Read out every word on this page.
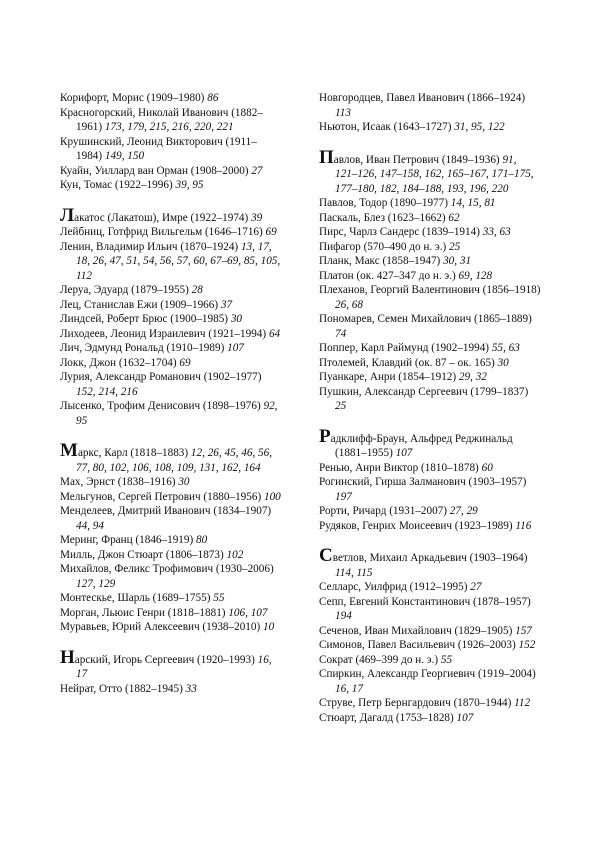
Корифорт, Морис (1909–1980) 86
Красногорский, Николай Иванович (1882–1961) 173, 179, 215, 216, 220, 221
Крушинский, Леонид Викторович (1911–1984) 149, 150
Куайн, Уиллард ван Орман (1908–2000) 27
Кун, Томас (1922–1996) 39, 95
Лакатос (Лакатош), Имре (1922–1974) 39
Лейбниц, Готфрид Вильгельм (1646–1716) 69
Ленин, Владимир Ильич (1870–1924) 13, 17, 18, 26, 47, 51, 54, 56, 57, 60, 67–69, 85, 105, 112
Леруа, Эдуард (1879–1955) 28
Лец, Станислав Ежи (1909–1966) 37
Линдсей, Роберт Брюс (1900–1985) 30
Лиходеев, Леонид Израилевич (1921–1994) 64
Лич, Эдмунд Рональд (1910–1989) 107
Локк, Джон (1632–1704) 69
Лурия, Александр Романович (1902–1977) 152, 214, 216
Лысенко, Трофим Денисович (1898–1976) 92, 95
Маркс, Карл (1818–1883) 12, 26, 45, 46, 56, 77, 80, 102, 106, 108, 109, 131, 162, 164
Мах, Эрнст (1838–1916) 30
Мельгунов, Сергей Петрович (1880–1956) 100
Менделеев, Дмитрий Иванович (1834–1907) 44, 94
Меринг, Франц (1846–1919) 80
Милль, Джон Стюарт (1806–1873) 102
Михайлов, Феликс Трофимович (1930–2006) 127, 129
Монтескье, Шарль (1689–1755) 55
Морган, Льюис Генри (1818–1881) 106, 107
Муравьев, Юрий Алексеевич (1938–2010) 10
Нарский, Игорь Сергеевич (1920–1993) 16, 17
Нейрат, Отто (1882–1945) 33
Новгородцев, Павел Иванович (1866–1924) 113
Ньютон, Исаак (1643–1727) 31, 95, 122
Павлов, Иван Петрович (1849–1936) 91, 121–126, 147–158, 162, 165–167, 171–175, 177–180, 182, 184–188, 193, 196, 220
Павлов, Тодор (1890–1977) 14, 15, 81
Паскаль, Блез (1623–1662) 62
Пирс, Чарлз Сандерс (1839–1914) 33, 63
Пифагор (570–490 до н. э.) 25
Планк, Макс (1858–1947) 30, 31
Платон (ок. 427–347 до н. э.) 69, 128
Плеханов, Георгий Валентинович (1856–1918) 26, 68
Пономарев, Семен Михайлович (1865–1889) 74
Поппер, Карл Раймунд (1902–1994) 55, 63
Птолемей, Клавдий (ок. 87 – ок. 165) 30
Пуанкаре, Анри (1854–1912) 29, 32
Пушкин, Александр Сергеевич (1799–1837) 25
Радклифф-Браун, Альфред Реджинальд (1881–1955) 107
Ренью, Анри Виктор (1810–1878) 60
Рогинский, Гирша Залманович (1903–1957) 197
Рорти, Ричард (1931–2007) 27, 29
Рудяков, Генрих Моисеевич (1923–1989) 116
Светлов, Михаил Аркадьевич (1903–1964) 114, 115
Селларс, Уилфрид (1912–1995) 27
Сепп, Евгений Константинович (1878–1957) 194
Сеченов, Иван Михайлович (1829–1905) 157
Симонов, Павел Васильевич (1926–2003) 152
Сократ (469–399 до н. э.) 55
Спиркин, Александр Георгиевич (1919–2004) 16, 17
Струве, Петр Бернгардович (1870–1944) 112
Стюарт, Дагалд (1753–1828) 107
